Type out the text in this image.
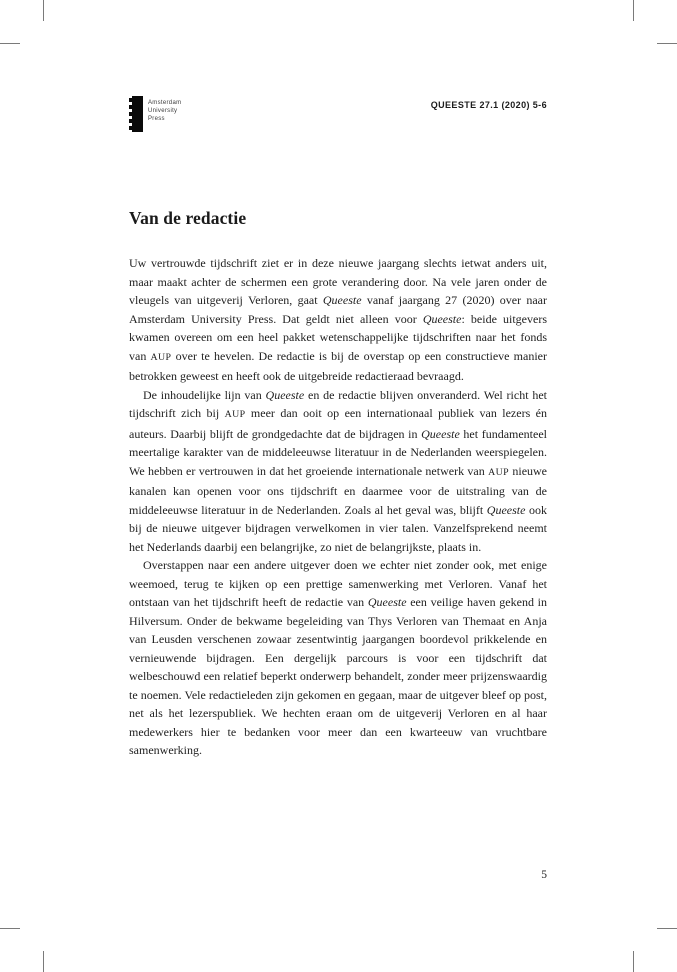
Amsterdam
University
Press
QUEESTE 27.1 (2020) 5-6
Van de redactie

Uw vertrouwde tijdschrift ziet er in deze nieuwe jaargang slechts ietwat anders uit, maar maakt achter de schermen een grote verandering door. Na vele jaren onder de vleugels van uitgeverij Verloren, gaat Queeste vanaf jaargang 27 (2020) over naar Amsterdam University Press. Dat geldt niet alleen voor Queeste: beide uitgevers kwamen overeen om een heel pakket wetenschappelijke tijdschriften naar het fonds van AUP over te hevelen. De redactie is bij de overstap op een constructieve manier betrokken geweest en heeft ook de uitgebreide redactieraad bevraagd.

De inhoudelijke lijn van Queeste en de redactie blijven onveranderd. Wel richt het tijdschrift zich bij AUP meer dan ooit op een internationaal publiek van lezers én auteurs. Daarbij blijft de grondgedachte dat de bijdragen in Queeste het fundamenteel meertalige karakter van de middeleeuwse literatuur in de Nederlanden weerspiegelen. We hebben er vertrouwen in dat het groeiende internationale netwerk van AUP nieuwe kanalen kan openen voor ons tijdschrift en daarmee voor de uitstraling van de middeleeuwse literatuur in de Nederlanden. Zoals al het geval was, blijft Queeste ook bij de nieuwe uitgever bijdragen verwelkomen in vier talen. Vanzelfsprekend neemt het Nederlands daarbij een belangrijke, zo niet de belangrijkste, plaats in.

Overstappen naar een andere uitgever doen we echter niet zonder ook, met enige weemoed, terug te kijken op een prettige samenwerking met Verloren. Vanaf het ontstaan van het tijdschrift heeft de redactie van Queeste een veilige haven gekend in Hilversum. Onder de bekwame begeleiding van Thys Verloren van Themaat en Anja van Leusden verschenen zowaar zesentwintig jaargangen boordevol prikkelende en vernieuwende bijdragen. Een dergelijk parcours is voor een tijdschrift dat welbeschouwd een relatief beperkt onderwerp behandelt, zonder meer prijzenswaardig te noemen. Vele redactieleden zijn gekomen en gegaan, maar de uitgever bleef op post, net als het lezerspubliek. We hechten eraan om de uitgeverij Verloren en al haar medewerkers hier te bedanken voor meer dan een kwarteeuw van vruchtbare samenwerking.

5
